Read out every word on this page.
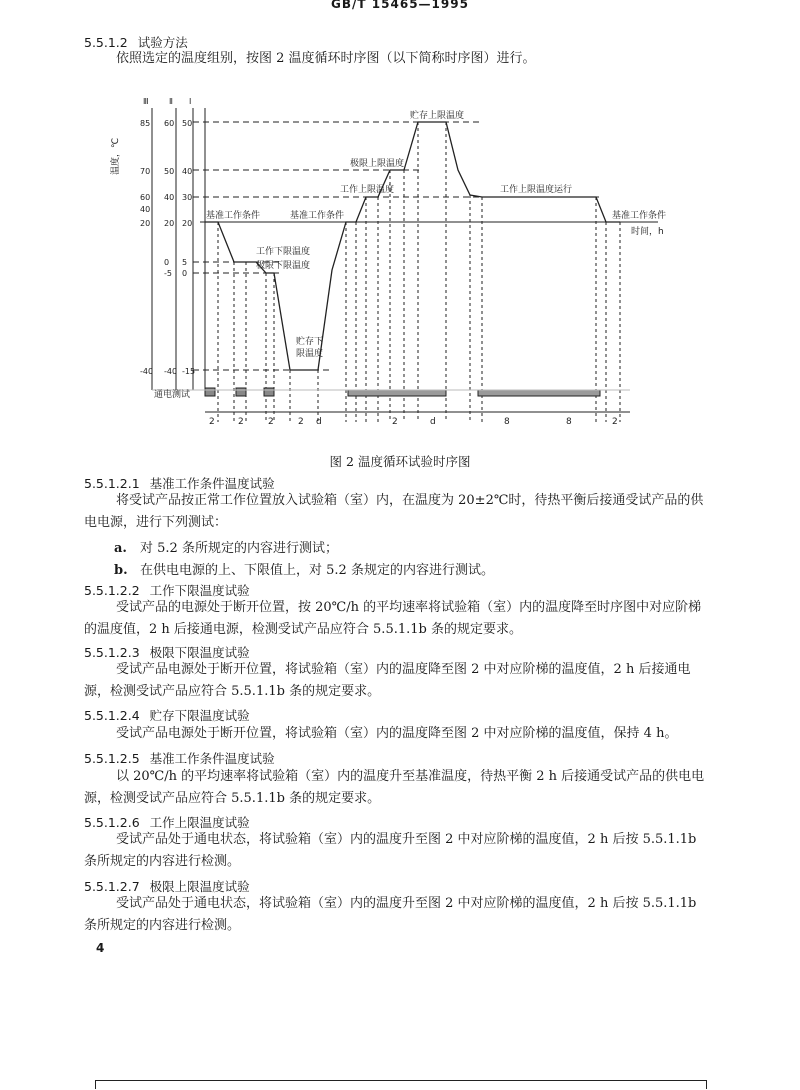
GB/T 15465—1995
5.5.1.2 试验方法
依照选定的温度组别，按图 2 温度循环时序图（以下简称时序图）进行。
Ⅲ	Ⅱ Ⅰ
85
70
60
40
20
-40
60
50
40
20
0
-5
-40
50
40
30
20
5
0
-15
温度，℃
时间，h
贮存上限温度
极限上限温度
工作上限温度	工作上限温度运行
基准工作条件	基准工作条件	基准工作条件
工作下限温度
极限下限温度
贮存下
限温度
通电测试
2	2	2	2 d	2	d	8	8	2
图 2 温度循环试验时序图
5.5.1.2.1 基准工作条件温度试验
将受试产品按正常工作位置放入试验箱（室）内，在温度为 20±2℃时，待热平衡后接通受试产品的供电电源，进行下列测试：
a. 对 5.2 条所规定的内容进行测试；
b. 在供电电源的上、下限值上，对 5.2 条规定的内容进行测试。
5.5.1.2.2 工作下限温度试验
受试产品的电源处于断开位置，按 20℃/h 的平均速率将试验箱（室）内的温度降至时序图中对应阶梯的温度值，2 h 后接通电源，检测受试产品应符合 5.5.1.1b 条的规定要求。
5.5.1.2.3 极限下限温度试验
受试产品电源处于断开位置，将试验箱（室）内的温度降至图 2 中对应阶梯的温度值，2 h 后接通电源，检测受试产品应符合 5.5.1.1b 条的规定要求。
5.5.1.2.4 贮存下限温度试验
受试产品电源处于断开位置，将试验箱（室）内的温度降至图 2 中对应阶梯的温度值，保持 4 h。
5.5.1.2.5 基准工作条件温度试验
以 20℃/h 的平均速率将试验箱（室）内的温度升至基准温度，待热平衡 2 h 后接通受试产品的供电电源，检测受试产品应符合 5.5.1.1b 条的规定要求。
5.5.1.2.6 工作上限温度试验
受试产品处于通电状态，将试验箱（室）内的温度升至图 2 中对应阶梯的温度值，2 h 后按 5.5.1.1b 条所规定的内容进行检测。
5.5.1.2.7 极限上限温度试验
受试产品处于通电状态，将试验箱（室）内的温度升至图 2 中对应阶梯的温度值，2 h 后按 5.5.1.1b 条所规定的内容进行检测。
4
